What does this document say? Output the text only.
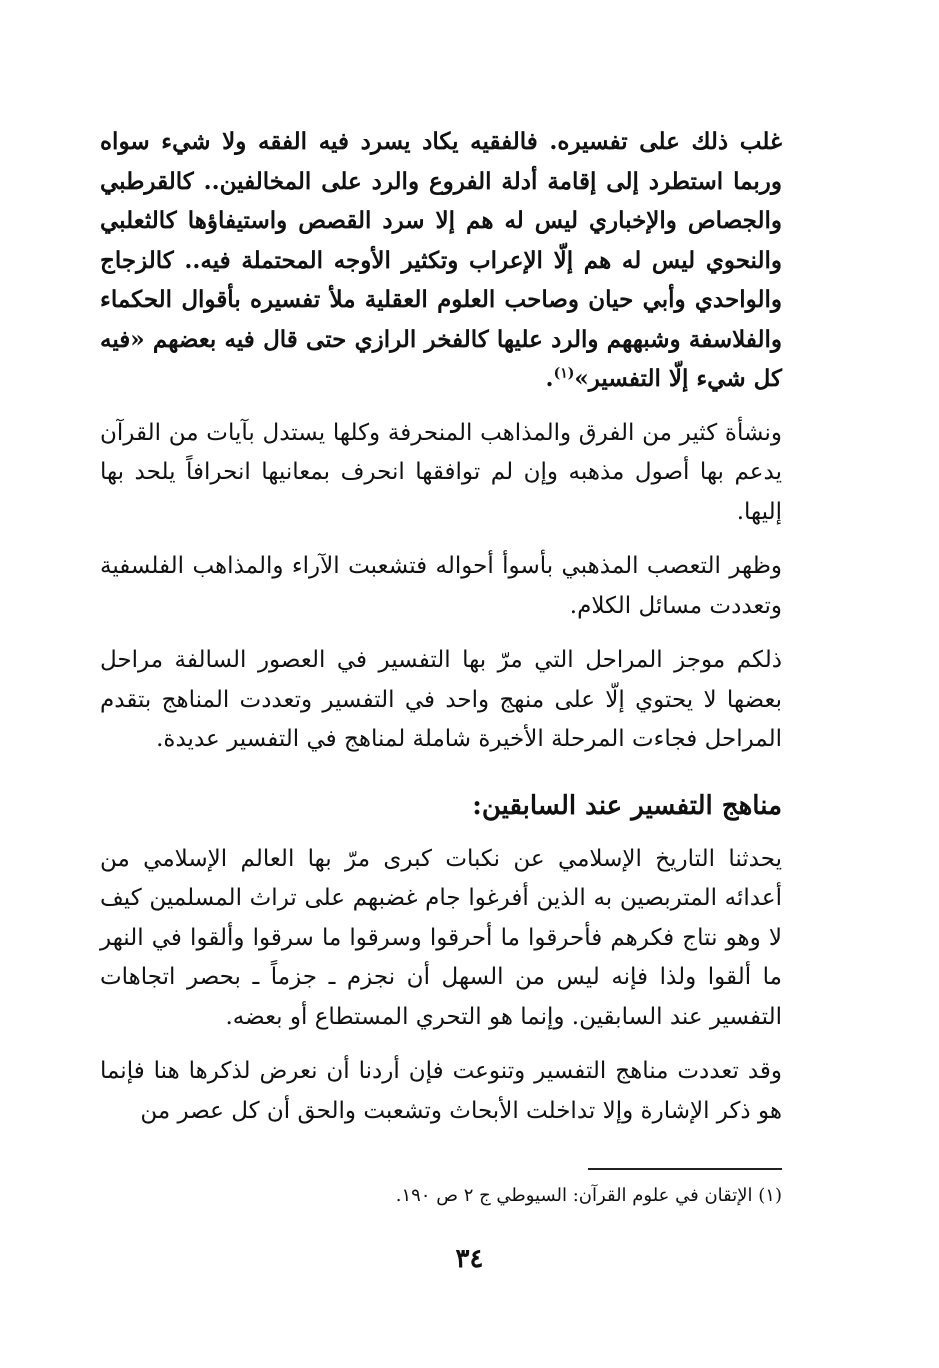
غلب ذلك على تفسيره. فالفقيه يكاد يسرد فيه الفقه ولا شيء سواه وربما استطرد إلى إقامة أدلة الفروع والرد على المخالفين.. كالقرطبي والجصاص والإخباري ليس له هم إلا سرد القصص واستيفاؤها كالثعلبي والنحوي ليس له هم إلّا الإعراب وتكثير الأوجه المحتملة فيه.. كالزجاج والواحدي وأبي حيان وصاحب العلوم العقلية ملأ تفسيره بأقوال الحكماء والفلاسفة وشبههم والرد عليها كالفخر الرازي حتى قال فيه بعضهم «فيه كل شيء إلّا التفسير»$^{(١)}$.

ونشأة كثير من الفرق والمذاهب المنحرفة وكلها يستدل بآيات من القرآن يدعم بها أصول مذهبه وإن لم توافقها انحرف بمعانيها انحرافاً يلحد بها إليها.

وظهر التعصب المذهبي بأسوأ أحواله فتشعبت الآراء والمذاهب الفلسفية وتعددت مسائل الكلام.

ذلكم موجز المراحل التي مرّ بها التفسير في العصور السالفة مراحل بعضها لا يحتوي إلّا على منهج واحد في التفسير وتعددت المناهج بتقدم المراحل فجاءت المرحلة الأخيرة شاملة لمناهج في التفسير عديدة.

مناهج التفسير عند السابقين:

يحدثنا التاريخ الإسلامي عن نكبات كبرى مرّ بها العالم الإسلامي من أعدائه المتربصين به الذين أفرغوا جام غضبهم على تراث المسلمين كيف لا وهو نتاج فكرهم فأحرقوا ما أحرقوا وسرقوا ما سرقوا وألقوا في النهر ما ألقوا ولذا فإنه ليس من السهل أن نجزم ـ جزماً ـ بحصر اتجاهات التفسير عند السابقين. وإنما هو التحري المستطاع أو بعضه.

وقد تعددت مناهج التفسير وتنوعت فإن أردنا أن نعرض لذكرها هنا فإنما هو ذكر الإشارة وإلا تداخلت الأبحاث وتشعبت والحق أن كل عصر من

(١) الإتقان في علوم القرآن: السيوطي ج ٢ ص ١٩٠.
٣٤
